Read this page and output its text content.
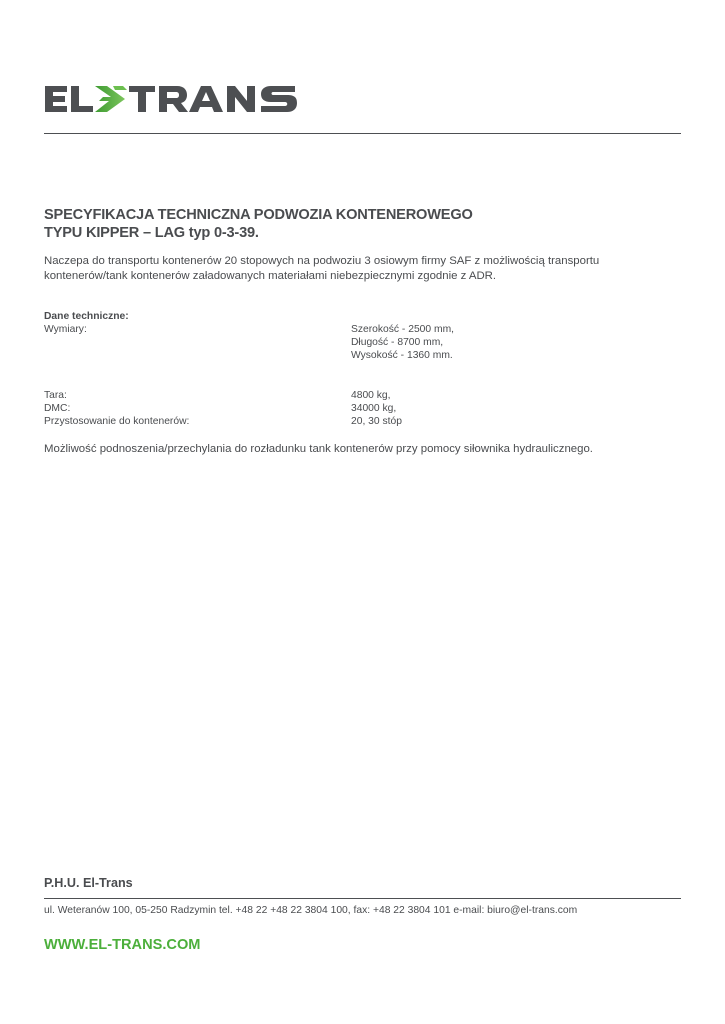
SPECYFIKACJA TECHNICZNA PODWOZIA KONTENEROWEGO
TYPU KIPPER – LAG typ 0-3-39.

Naczepa do transportu kontenerów 20 stopowych na podwoziu 3 osiowym firmy SAF z możliwością transportu
kontenerów/tank kontenerów załadowanych materiałami niebezpiecznymi zgodnie z ADR.

Dane techniczne:
Wymiary:	Szerokość - 2500 mm,
Długość - 8700 mm,
Wysokość - 1360 mm.
Tara:	4800 kg,
DMC:	34000 kg,
Przystosowanie do kontenerów:	20, 30 stóp
Możliwość podnoszenia/przechylania do rozładunku tank kontenerów przy pomocy siłownika hydraulicznego.
P.H.U. El-Trans
ul. Weteranów 100, 05-250 Radzymin tel. +48 22 +48 22 3804 100, fax: +48 22 3804 101 e-mail: biuro@el-trans.com
WWW.EL-TRANS.COM
